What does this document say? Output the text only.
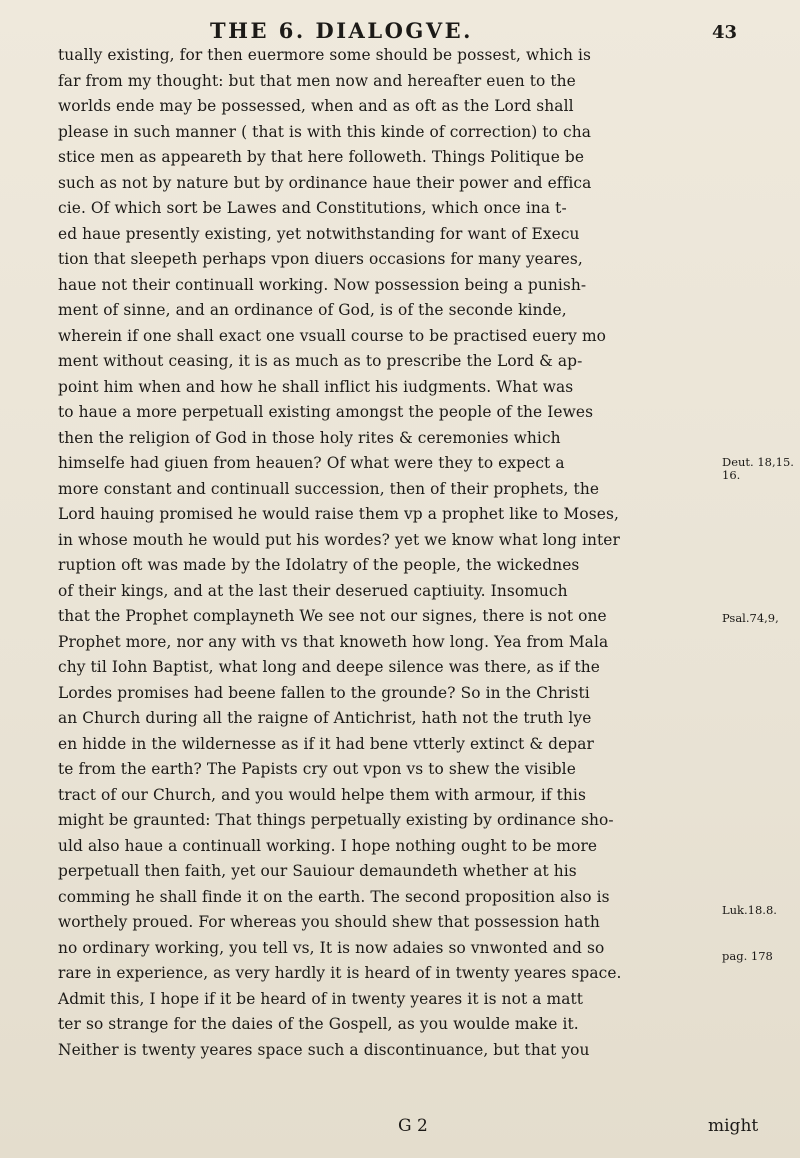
THE 6. DIALOGVE.	43
tually existing, for then euermore some should be possest, which is
far from my thought: but that men now and hereafter euen to the
worlds ende may be possessed, when and as oft as the Lord shall
please in such manner ( that is with this kinde of correction) to cha
stice men as appeareth by that here followeth. Things Politique be
such as not by nature but by ordinance haue their power and effica
cie. Of which sort be Lawes and Constitutions, which once ina t-
ed haue presently existing, yet notwithstanding for want of Execu
tion that sleepeth perhaps vpon diuers occasions for many yeares,
haue not their continuall working. Now possession being a punish-
ment of sinne, and an ordinance of God, is of the seconde kinde,
wherein if one shall exact one vsuall course to be practised euery mo
ment without ceasing, it is as much as to prescribe the Lord & ap-
point him when and how he shall inflict his iudgments. What was
to haue a more perpetuall existing amongst the people of the Iewes
then the religion of God in those holy rites & ceremonies which
himselfe had giuen from heauen? Of what were they to expect a
more constant and continuall succession, then of their prophets, the
Lord hauing promised he would raise them vp a prophet like to Moses,
in whose mouth he would put his wordes? yet we know what long inter
ruption oft was made by the Idolatry of the people, the wickednes
of their kings, and at the last their deserued captiuity. Insomuch
that the Prophet complayneth We see not our signes, there is not one
Prophet more, nor any with vs that knoweth how long. Yea from Mala
chy til Iohn Baptist, what long and deepe silence was there, as if the
Lordes promises had beene fallen to the grounde? So in the Christi
an Church during all the raigne of Antichrist, hath not the truth lye
en hidde in the wildernesse as if it had bene vtterly extinct & depar
te from the earth? The Papists cry out vpon vs to shew the visible
tract of our Church, and you would helpe them with armour, if this
might be graunted: That things perpetually existing by ordinance sho-
uld also haue a continuall working. I hope nothing ought to be more
perpetuall then faith, yet our Sauiour demaundeth whether at his
comming he shall finde it on the earth. The second proposition also is
worthely proued. For whereas you should shew that possession hath
no ordinary working, you tell vs, It is now adaies so vnwonted and so
rare in experience, as very hardly it is heard of in twenty yeares space.
Admit this, I hope if it be heard of in twenty yeares it is not a matt
ter so strange for the daies of the Gospell, as you woulde make it.
Neither is twenty yeares space such a discontinuance, but that you
Deut. 18,15.
16.
Psal.74,9,
Luk.18.8.
pag. 178
G 2	might
